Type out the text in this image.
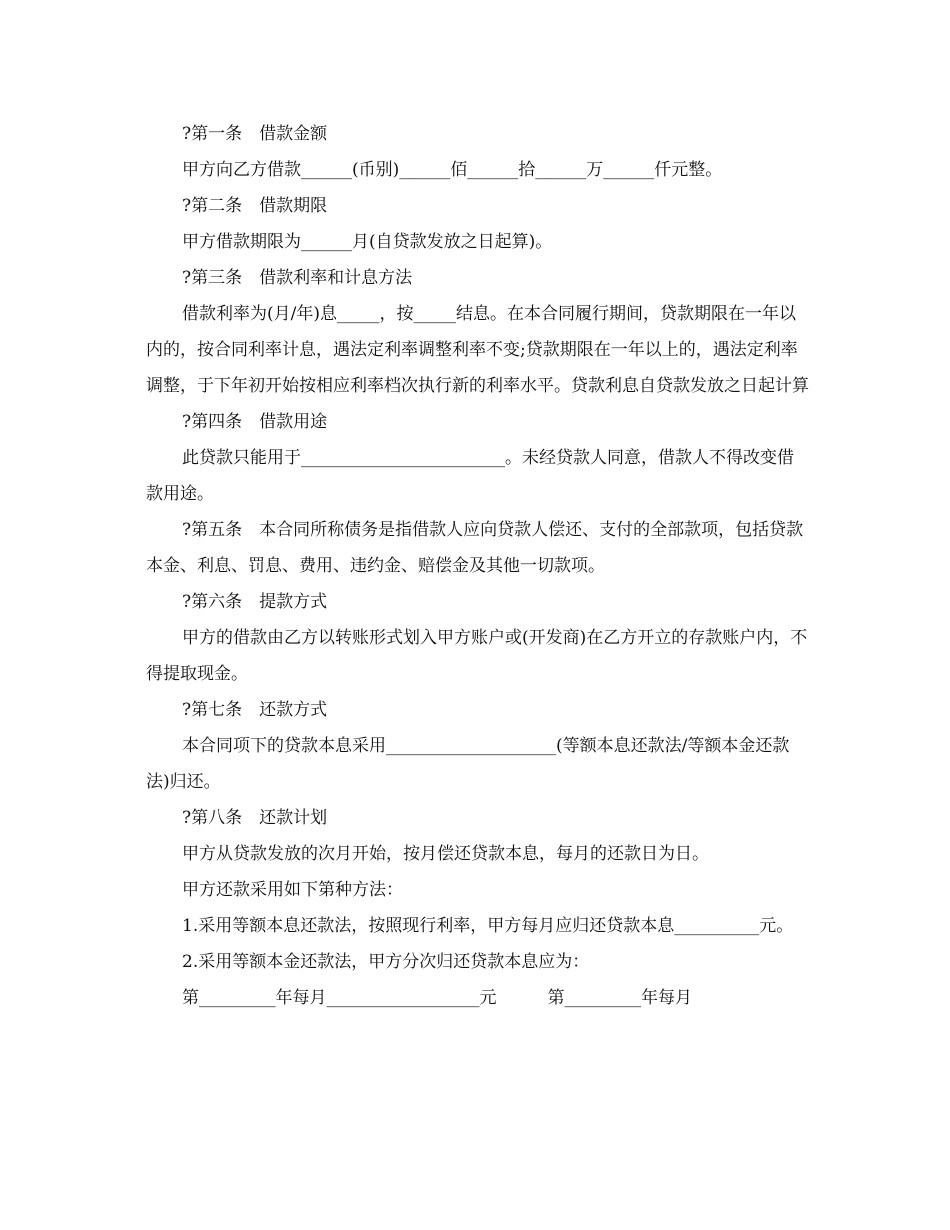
?第一条　借款金额

甲方向乙方借款______(币别)______佰______拾______万______仟元整。

?第二条　借款期限

甲方借款期限为______月(自贷款发放之日起算)。

?第三条　借款利率和计息方法

借款利率为(月/年)息_____，按_____结息。在本合同履行期间，贷款期限在一年以内的，按合同利率计息，遇法定利率调整利率不变;贷款期限在一年以上的，遇法定利率调整，于下年初开始按相应利率档次执行新的利率水平。贷款利息自贷款发放之日起计算

?第四条　借款用途

此贷款只能用于________________________。未经贷款人同意，借款人不得改变借款用途。

?第五条　本合同所称债务是指借款人应向贷款人偿还、支付的全部款项，包括贷款本金、利息、罚息、费用、违约金、赔偿金及其他一切款项。

?第六条　提款方式

甲方的借款由乙方以转账形式划入甲方账户或(开发商)在乙方开立的存款账户内，不得提取现金。

?第七条　还款方式

本合同项下的贷款本息采用____________________(等额本息还款法/等额本金还款法)归还。

?第八条　还款计划

甲方从贷款发放的次月开始，按月偿还贷款本息，每月的还款日为日。

甲方还款采用如下第种方法：

1.采用等额本息还款法，按照现行利率，甲方每月应归还贷款本息__________元。

2.采用等额本金还款法，甲方分次归还贷款本息应为：

第_________年每月__________________元　　　第_________年每月
